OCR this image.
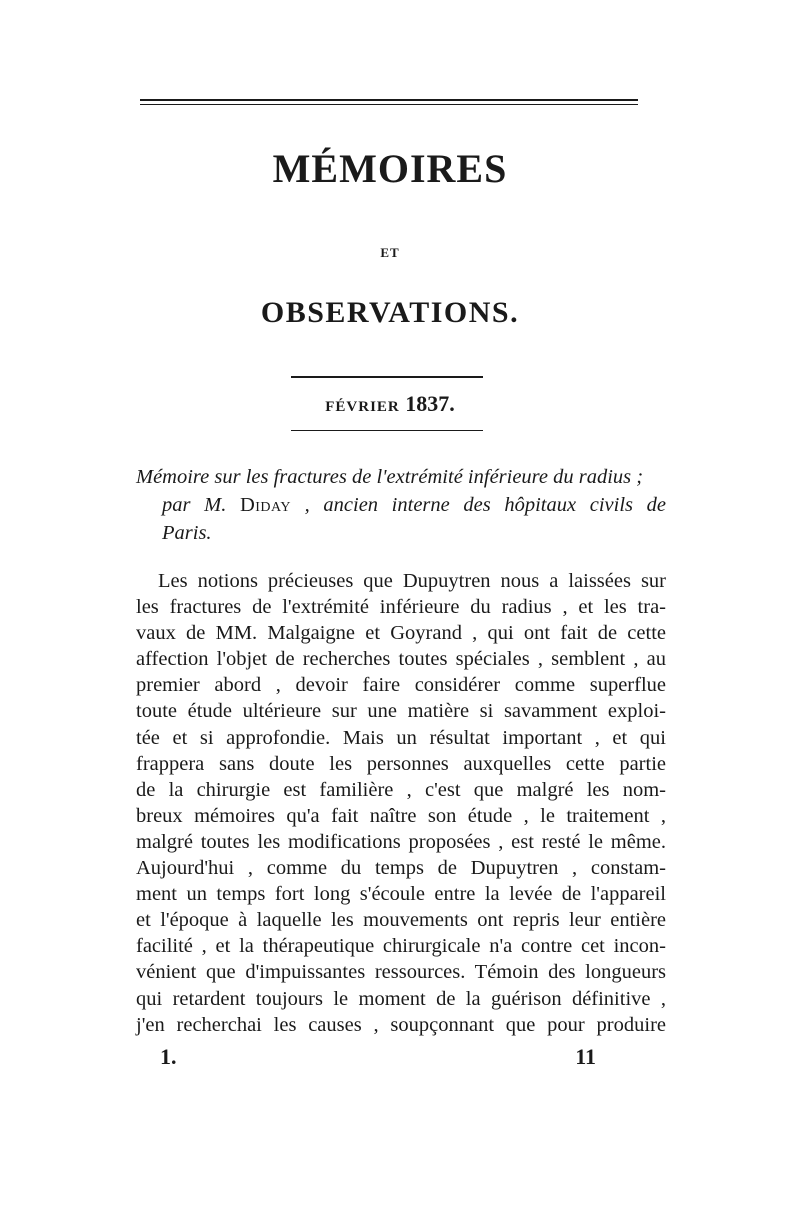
MÉMOIRES
ET
OBSERVATIONS.
FÉVRIER 1837.
Mémoire sur les fractures de l'extrémité inférieure du radius ;
par M. Diday , ancien interne des hôpitaux civils de
Paris.
Les notions précieuses que Dupuytren nous a laissées sur
les fractures de l'extrémité inférieure du radius , et les tra-
vaux de MM. Malgaigne et Goyrand , qui ont fait de cette
affection l'objet de recherches toutes spéciales , semblent , au
premier abord , devoir faire considérer comme superflue
toute étude ultérieure sur une matière si savamment exploi-
tée et si approfondie. Mais un résultat important , et qui
frappera sans doute les personnes auxquelles cette partie
de la chirurgie est familière , c'est que malgré les nom-
breux mémoires qu'a fait naître son étude , le traitement ,
malgré toutes les modifications proposées , est resté le même.
Aujourd'hui , comme du temps de Dupuytren , constam-
ment un temps fort long s'écoule entre la levée de l'appareil
et l'époque à laquelle les mouvements ont repris leur entière
facilité , et la thérapeutique chirurgicale n'a contre cet incon-
vénient que d'impuissantes ressources. Témoin des longueurs
qui retardent toujours le moment de la guérison définitive ,
j'en recherchai les causes , soupçonnant que pour produire
1.	11
